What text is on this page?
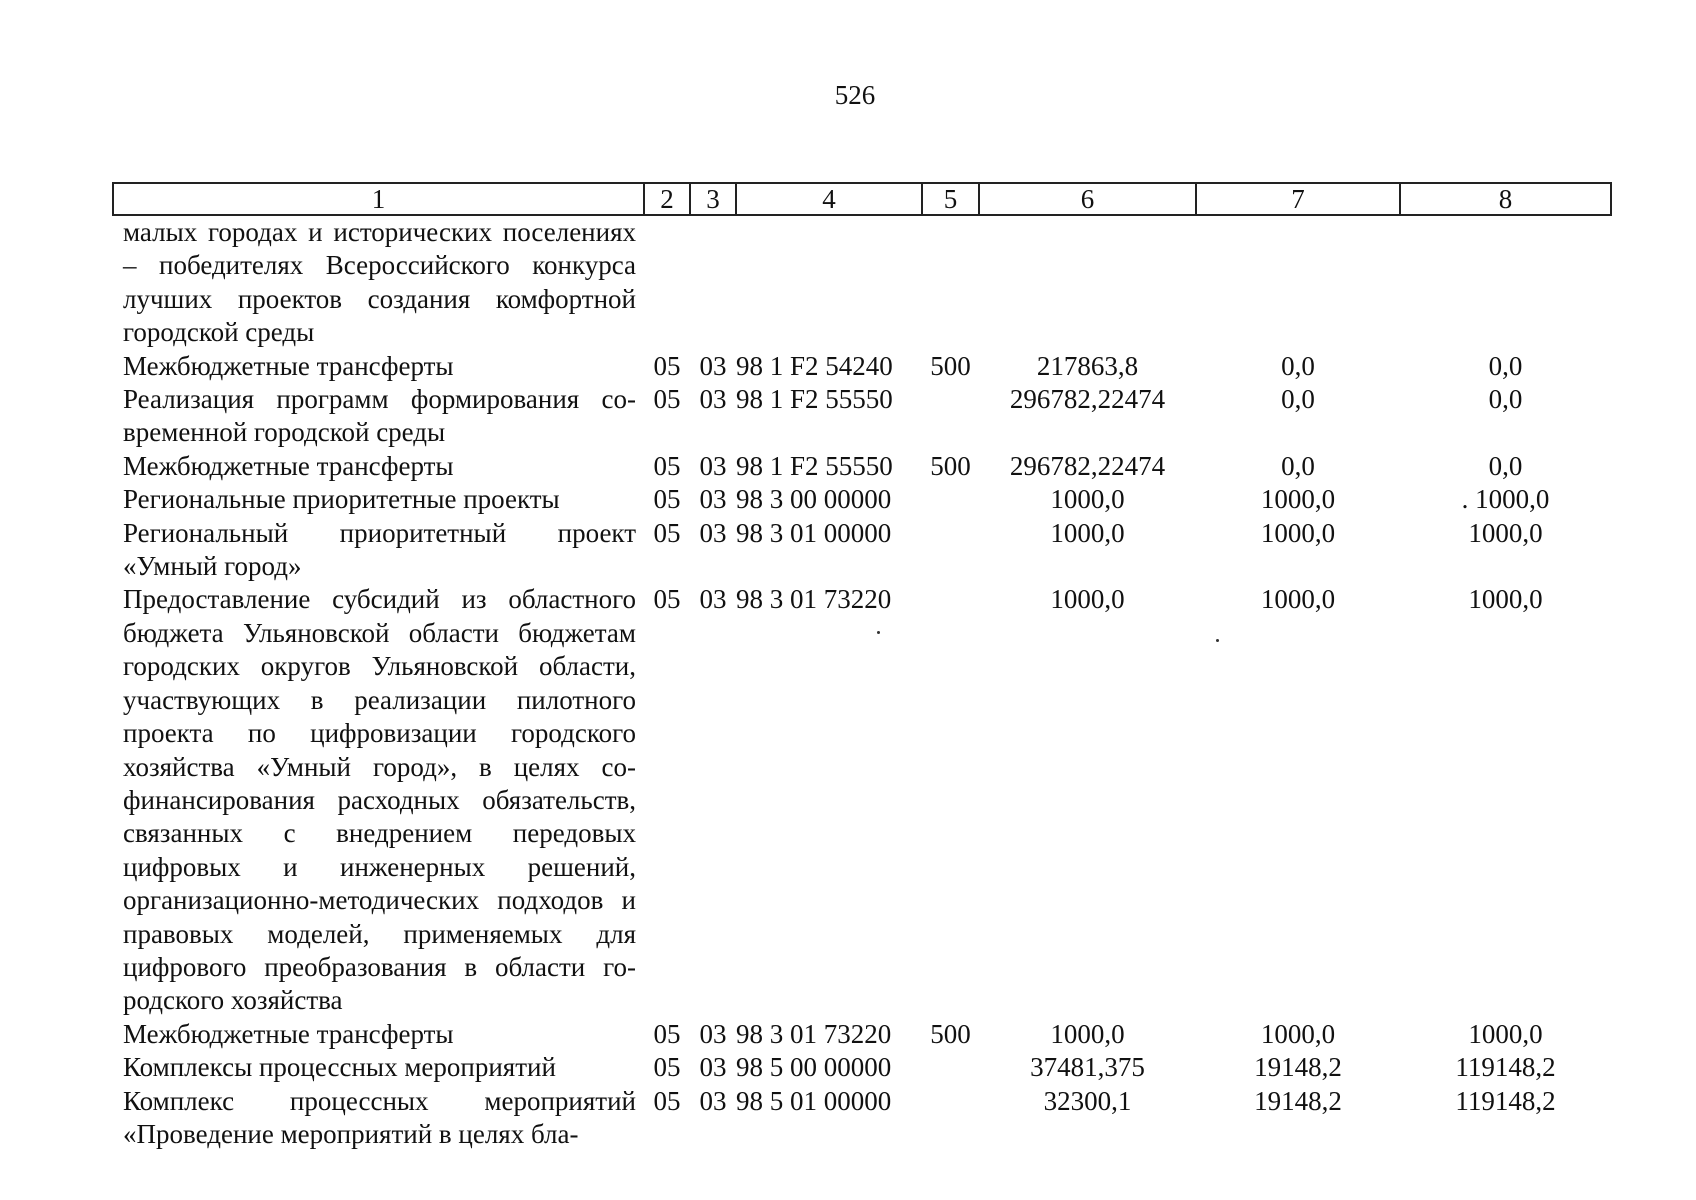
526
1	2	3	4	5	6	7	8
малых городах и исторических поселениях – победителях Всероссийского конкурса лучших проектов создания комфортной городской среды							
Межбюджетные трансферты	05	03	98 1 F2 54240	500	217863,8	0,0	0,0
Реализация программ формирования современной городской среды	05	03	98 1 F2 55550		296782,22474	0,0	0,0
Межбюджетные трансферты	05	03	98 1 F2 55550	500	296782,22474	0,0	0,0
Региональные приоритетные проекты	05	03	98 3 00 00000		1000,0	1000,0	. 1000,0
Региональный приоритетный проект «Умный город»	05	03	98 3 01 00000		1000,0	1000,0	1000,0
Предоставление субсидий из областного бюджета Ульяновской области бюджетам городских округов Ульяновской области, участвующих в реализации пилотного проекта по цифровизации городского хозяйства «Умный город», в целях софинансирования расходных обязательств, связанных с внедрением передовых цифровых и инженерных решений, организационно-методических подходов и правовых моделей, применяемых для цифрового преобразования в области городского хозяйства	05	03	98 3 01 73220		1000,0	1000,0	1000,0
Межбюджетные трансферты	05	03	98 3 01 73220	500	1000,0	1000,0	1000,0
Комплексы процессных мероприятий	05	03	98 5 00 00000		37481,375	19148,2	119148,2
Комплекс процессных мероприятий «Проведение мероприятий в целях бла-	05	03	98 5 01 00000		32300,1	19148,2	119148,2
